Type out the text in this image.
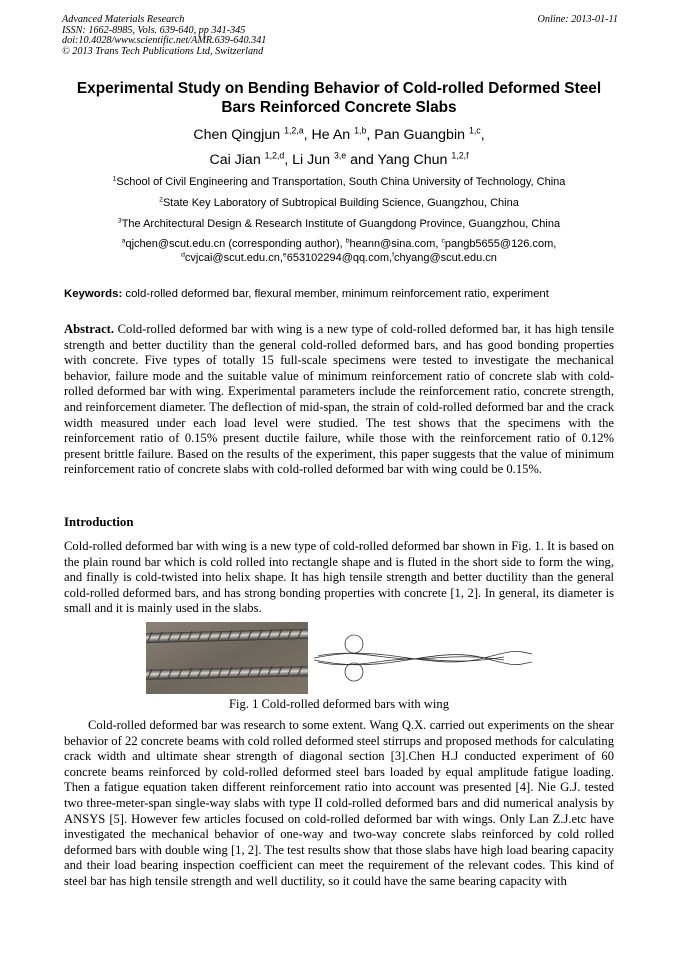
Advanced Materials Research
ISSN: 1662-8985, Vols. 639-640, pp 341-345
doi:10.4028/www.scientific.net/AMR.639-640.341
© 2013 Trans Tech Publications Ltd, Switzerland
Online: 2013-01-11
Experimental Study on Bending Behavior of Cold-rolled Deformed Steel
Bars Reinforced Concrete Slabs
Chen Qingjun $^{1,2,a}$, He An $^{1,b}$, Pan Guangbin $^{1,c}$,
Cai Jian $^{1,2,d}$, Li Jun $^{3,e}$ and Yang Chun $^{1,2,f}$
$^1$School of Civil Engineering and Transportation, South China University of Technology, China
$^2$State Key Laboratory of Subtropical Building Science, Guangzhou, China
$^3$The Architectural Design & Research Institute of Guangdong Province, Guangzhou, China
$^a$qjchen@scut.edu.cn (corresponding author), $^b$heann@sina.com, $^c$pangb5655@126.com,
$^d$cvjcai@scut.edu.cn,$^e$653102294@qq.com,$^f$chyang@scut.edu.cn
Keywords: cold-rolled deformed bar, flexural member, minimum reinforcement ratio, experiment
Abstract. Cold-rolled deformed bar with wing is a new type of cold-rolled deformed bar, it has high tensile strength and better ductility than the general cold-rolled deformed bars, and has good bonding properties with concrete. Five types of totally 15 full-scale specimens were tested to investigate the mechanical behavior, failure mode and the suitable value of minimum reinforcement ratio of concrete slab with cold-rolled deformed bar with wing. Experimental parameters include the reinforcement ratio, concrete strength, and reinforcement diameter. The deflection of mid-span, the strain of cold-rolled deformed bar and the crack width measured under each load level were studied. The test shows that the specimens with the reinforcement ratio of 0.15% present ductile failure, while those with the reinforcement ratio of 0.12% present brittle failure. Based on the results of the experiment, this paper suggests that the value of minimum reinforcement ratio of concrete slabs with cold-rolled deformed bar with wing could be 0.15%.
Introduction
Cold-rolled deformed bar with wing is a new type of cold-rolled deformed bar shown in Fig. 1. It is based on the plain round bar which is cold rolled into rectangle shape and is fluted in the short side to form the wing, and finally is cold-twisted into helix shape. It has high tensile strength and better ductility than the general cold-rolled deformed bars, and has strong bonding properties with concrete [1, 2]. In general, its diameter is small and it is mainly used in the slabs.
Fig. 1 Cold-rolled deformed bars with wing
Cold-rolled deformed bar was research to some extent. Wang Q.X. carried out experiments on the shear behavior of 22 concrete beams with cold rolled deformed steel stirrups and proposed methods for calculating crack width and ultimate shear strength of diagonal section [3].Chen H.J conducted experiment of 60 concrete beams reinforced by cold-rolled deformed steel bars loaded by equal amplitude fatigue loading. Then a fatigue equation taken different reinforcement ratio into account was presented [4]. Nie G.J. tested two three-meter-span single-way slabs with type II cold-rolled deformed bars and did numerical analysis by ANSYS [5]. However few articles focused on cold-rolled deformed bar with wings. Only Lan Z.J.etc have investigated the mechanical behavior of one-way and two-way concrete slabs reinforced by cold rolled deformed bars with double wing [1, 2]. The test results show that those slabs have high load bearing capacity and their load bearing inspection coefficient can meet the requirement of the relevant codes. This kind of steel bar has high tensile strength and well ductility, so it could have the same bearing capacity with
